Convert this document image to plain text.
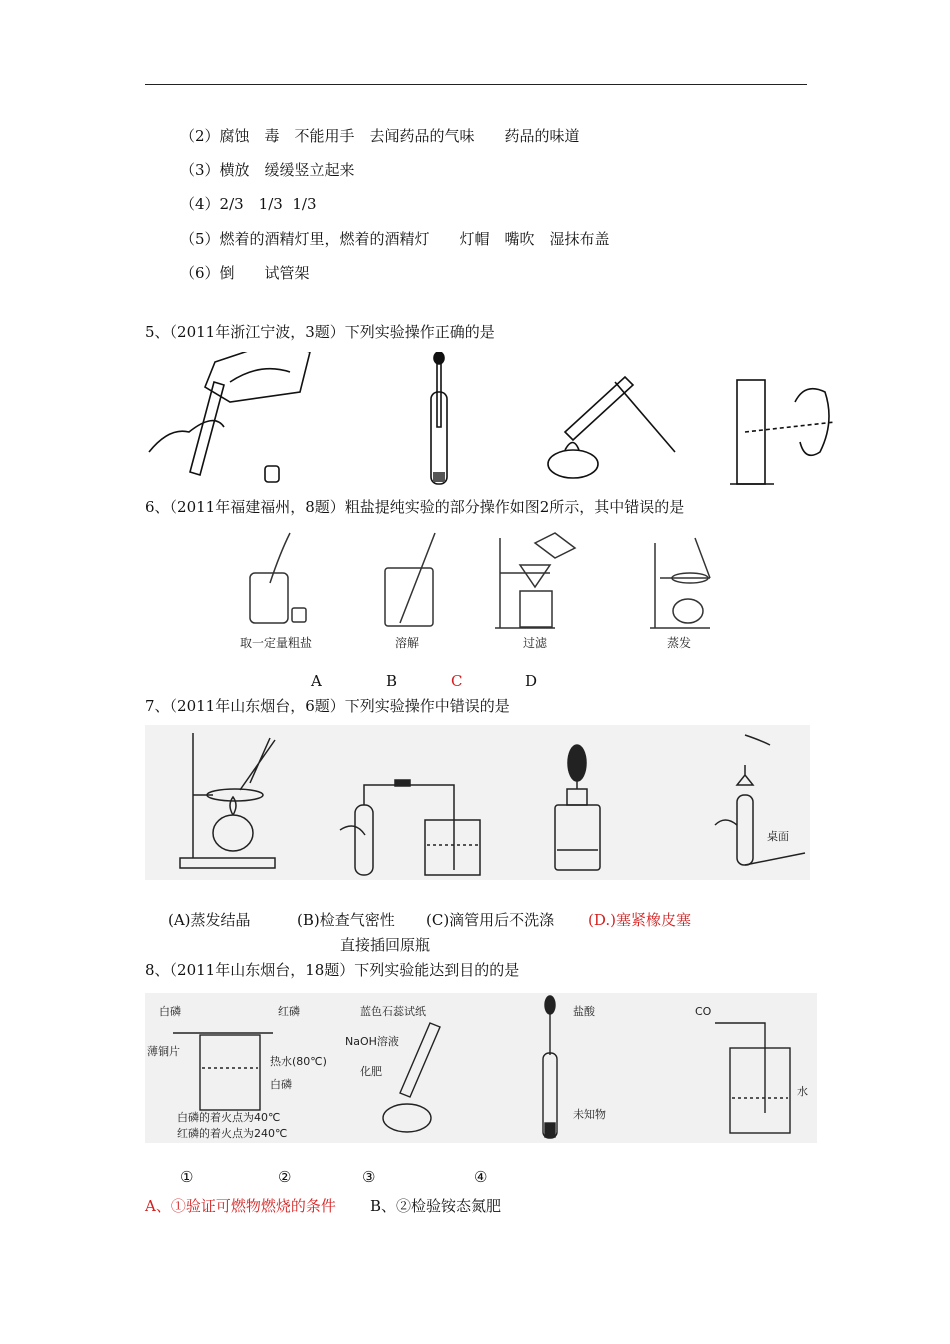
（2）腐蚀　毒　不能用手　去闻药品的气味　　药品的味道
（3）横放　缓缓竖立起来
（4）2/3　1/3  1/3
（5）燃着的酒精灯里，燃着的酒精灯　　灯帽　嘴吹　湿抹布盖
（6）倒　　试管架
5、（2011年浙江宁波，3题）下列实验操作正确的是
6、（2011年福建福州，8题）粗盐提纯实验的部分操作如图2所示，其中错误的是
取一定量粗盐	溶解	过滤	蒸发
A	B	C	D
7、（2011年山东烟台，6题）下列实验操作中错误的是
桌面
(A)蒸发结晶	(B)检查气密性 (C)滴管用后不洗涤 (D.)塞紧橡皮塞
直接插回原瓶
8、（2011年山东烟台，18题）下列实验能达到目的的是
白磷	红磷
薄铜片
热水(80℃)
白磷
白磷的着火点为40℃
红磷的着火点为240℃
蓝色石蕊试纸
NaOH溶液
化肥
盐酸
未知物
CO
水
①	②	③	④
A、①验证可燃物燃烧的条件 B、②检验铵态氮肥
